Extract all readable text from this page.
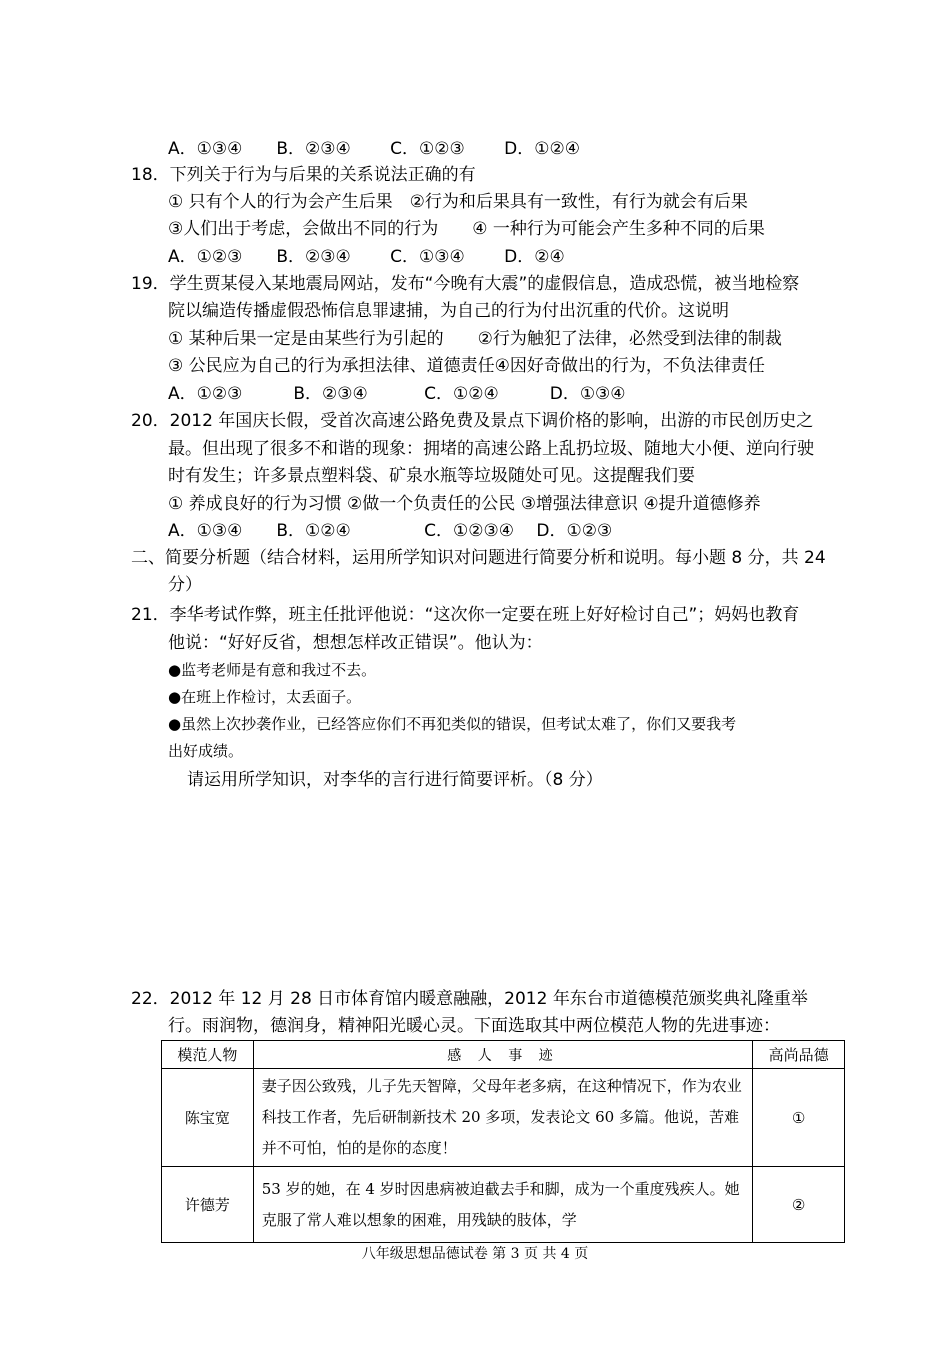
A．①③④　　B．②③④　　 C．①②③　　 D．①②④
18．下列关于行为与后果的关系说法正确的有
① 只有个人的行为会产生后果　②行为和后果具有一致性，有行为就会有后果
③人们出于考虑，会做出不同的行为　　④ 一种行为可能会产生多种不同的后果
A．①②③　　B．②③④　　 C．①③④　　 D．②④
19．学生贾某侵入某地震局网站，发布“今晚有大震”的虚假信息，造成恐慌，被当地检察
院以编造传播虚假恐怖信息罪逮捕，为自己的行为付出沉重的代价。这说明
① 某种后果一定是由某些行为引起的　　②行为触犯了法律，必然受到法律的制裁
③ 公民应为自己的行为承担法律、道德责任④因好奇做出的行为，不负法律责任
A．①②③　　　B．②③④　　　 C．①②④　　　D．①③④
20．2012 年国庆长假，受首次高速公路免费及景点下调价格的影响，出游的市民创历史之
最。但出现了很多不和谐的现象：拥堵的高速公路上乱扔垃圾、随地大小便、逆向行驶
时有发生；许多景点塑料袋、矿泉水瓶等垃圾随处可见。这提醒我们要
① 养成良好的行为习惯 ②做一个负责任的公民 ③增强法律意识 ④提升道德修养
A．①③④　　B．①②④　　　　 C．①②③④　 D．①②③
二、简要分析题（结合材料，运用所学知识对问题进行简要分析和说明。每小题 8 分，共 24
分）
21．李华考试作弊，班主任批评他说：“这次你一定要在班上好好检讨自己”；妈妈也教育
他说：“好好反省，想想怎样改正错误”。他认为：
●监考老师是有意和我过不去。
●在班上作检讨，太丢面子。
●虽然上次抄袭作业，已经答应你们不再犯类似的错误，但考试太难了，你们又要我考
出好成绩。
请运用所学知识，对李华的言行进行简要评析。（8 分）
22．2012 年 12 月 28 日市体育馆内暖意融融，2012 年东台市道德模范颁奖典礼隆重举
行。雨润物，德润身，精神阳光暖心灵。下面选取其中两位模范人物的先进事迹：
模范人物	感 人 事 迹	高尚品德
陈宝宽	妻子因公致残，儿子先天智障，父母年老多病，在这种情况下，作为农业科技工作者，先后研制新技术 20 多项，发表论文 60 多篇。他说，苦难并不可怕，怕的是你的态度！	①
许德芳	53 岁的她，在 4 岁时因患病被迫截去手和脚，成为一个重度残疾人。她克服了常人难以想象的困难，用残缺的肢体，学	②
八年级思想品德试卷 第 3 页 共 4 页
